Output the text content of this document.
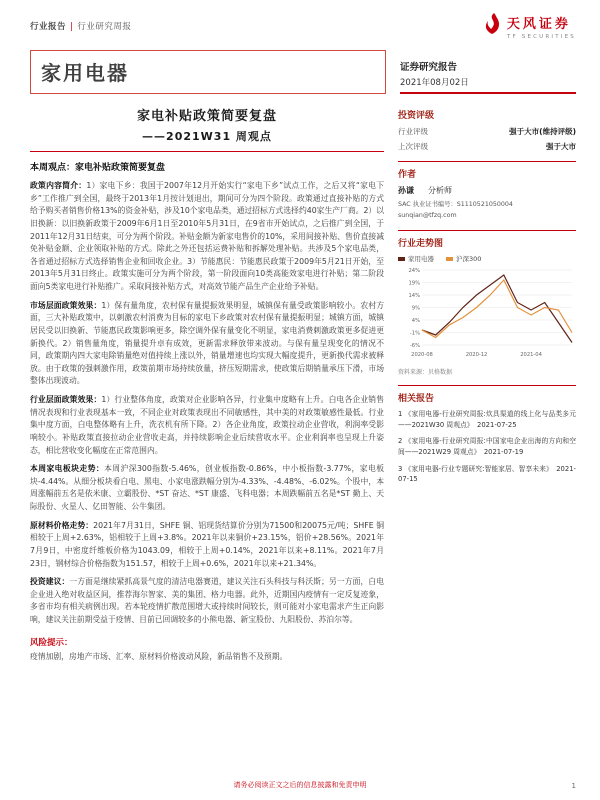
行业报告 | 行业研究周报	天风证券
TF SECURITIES
家用电器	证券研究报告
2021年08月02日
家电补贴政策简要复盘
——2021W31 周观点
本周观点：家电补贴政策简要复盘

政策内容简介：1）家电下乡：我国于2007年12月开始实行“家电下乡”试点工作，之后又将“家电下乡”工作推广到全国，最终于2013年1月按计划退出，期间可分为四个阶段。政策通过直接补贴的方式给予购买者销售价格13%的资金补贴，涉及10个家电品类，通过招标方式选择约40家生产厂商。2）以旧换新：以旧换新政策于2009年6月1日至2010年5月31日，在9省市开始试点，之后推广到全国，于2011年12月31日结束，可分为两个阶段。补贴金额为新家电售价的10%，采用间接补贴、售价直接减免补贴金额、企业领取补贴的方式。除此之外还包括运费补贴和拆解处理补贴。共涉及5个家电品类，各省通过招标方式选择销售企业和回收企业。3）节能惠民：节能惠民政策于2009年5月21日开始，至2013年5月31日终止。政策实施可分为两个阶段，第一阶段面向10类高能效家电进行补贴；第二阶段面向5类家电进行补贴推广。采取间接补贴方式，对高效节能产品生产企业给予补贴。

市场层面政策效果：1）保有量角度，农村保有量提振效果明显，城镇保有量受政策影响较小。农村方面，三大补贴政策中，以刺激农村消费为目标的家电下乡政策对农村保有量提振明显；城镇方面，城镇居民受以旧换新、节能惠民政策影响更多，除空调外保有量变化不明显，家电消费刺激政策更多促进更新换代。2）销售量角度，销量提升卓有成效，更新需求释放带来波动。与保有量呈现变化的情况不同，政策期内四大家电除销量绝对值持续上涨以外，销量增速也均实现大幅度提升，更新换代需求被释放。由于政策的强刺激作用，政策前期市场持续放量，挤压短期需求，使政策后期销量承压下滑，市场整体出现波动。

行业层面政策效果：1）行业整体角度，政策对企业影响各异，行业集中度略有上升。白电各企业销售情况表现和行业表现基本一致，不同企业对政策表现出不同敏感性，其中美的对政策敏感性最低。行业集中度方面，白电整体略有上升，洗衣机有所下降。2）各企业角度，政策拉动企业营收，利润率受影响较小。补贴政策直接拉动企业营收走高，并持续影响企业后续营收水平。企业利润率也呈现上升姿态，相比营收变化幅度在正常范围内。

本周家电板块走势：本周沪深300指数-5.46%，创业板指数-0.86%，中小板指数-3.77%，家电板块-4.44%。从细分板块看白电、黑电、小家电涨跌幅分别为-4.33%、-4.48%、-6.02%。个股中，本周涨幅前五名是依米康、立霸股份、*ST 奋达、*ST 康盛、飞科电器；本周跌幅前五名是*ST 勤上、天际股份、火星人、亿田智能、公牛集团。

原材料价格走势：2021年7月31日，SHFE 铜、铝现货结算价分别为71500和20075元/吨；SHFE 铜相较于上周+2.63%，铝相较于上周+3.8%。2021年以来铜价+23.15%，铝价+28.56%。2021年7月9日，中密度纤维板价格为1043.09，相较于上周+0.14%，2021年以来+8.11%。2021年7月23日，钢材综合价格指数为151.57，相较于上周+0.6%，2021年以来+21.34%。

投资建议：一方面是继续紧抓高景气度的清洁电器赛道，建议关注石头科技与科沃斯；另一方面，白电企业进入绝对收益区间，推荐海尔智家、美的集团、格力电器。此外，近期国内疫情有一定反复迹象，多省市均有相关病例出现。若本轮疫情扩散范围增大或持续时间较长，则可能对小家电需求产生正向影响，建议关注前期受益于疫情、目前已回调较多的小熊电器、新宝股份、九阳股份、苏泊尔等。

风险提示：
疫情加剧，房地产市场、汇率、原材料价格波动风险，新品销售不及预期。
投资评级
行业评级	强于大市(维持评级)
上次评级	强于大市
作者
孙谦 分析师
SAC 执业证书编号：S1110521050004
sunqian@tfzq.com
行业走势图
家用电器	沪深300
24%
19%
14%
9%
4%
-1%
-6%
2020-08	2020-12	2021-04
资料来源：贝格数据
相关报告
1 《家用电器-行业研究周报:炊具渠道的线上化与品类多元——2021W30 周观点》　2021-07-25
2 《家用电器-行业研究周报:中国家电企业出海的方向和空间——2021W29 周观点》　2021-07-19
3 《家用电器-行业专题研究:智能家居、智享未来》　2021-07-15
请务必阅读正文之后的信息披露和免责申明	1
